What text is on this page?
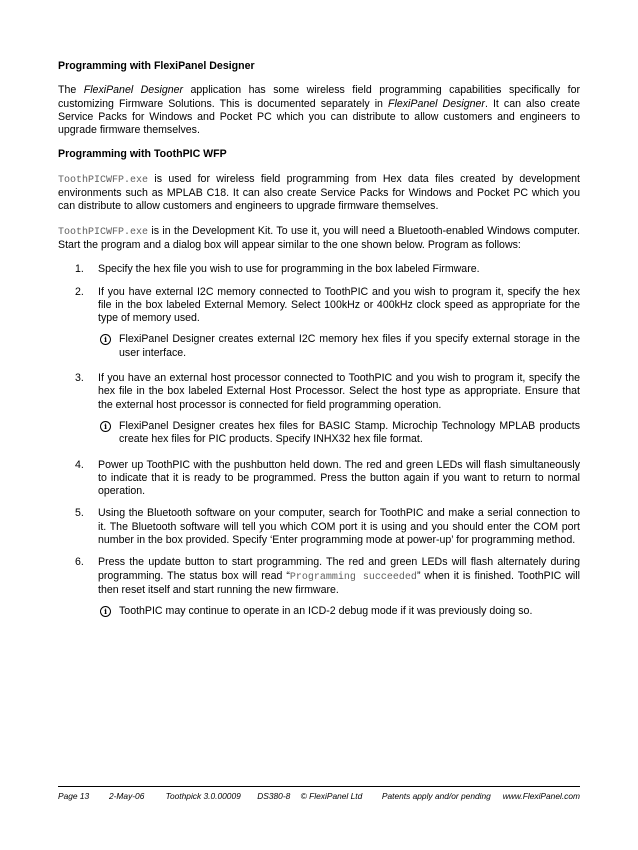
Programming with FlexiPanel Designer

The FlexiPanel Designer application has some wireless field programming capabilities specifically for customizing Firmware Solutions. This is documented separately in FlexiPanel Designer. It can also create Service Packs for Windows and Pocket PC which you can distribute to allow customers and engineers to upgrade firmware themselves.

Programming with ToothPIC WFP

ToothPICWFP.exe is used for wireless field programming from Hex data files created by development environments such as MPLAB C18. It can also create Service Packs for Windows and Pocket PC which you can distribute to allow customers and engineers to upgrade firmware themselves.

ToothPICWFP.exe is in the Development Kit. To use it, you will need a Bluetooth-enabled Windows computer. Start the program and a dialog box will appear similar to the one shown below. Program as follows:

1. Specify the hex file you wish to use for programming in the box labeled Firmware.
2. If you have external I2C memory connected to ToothPIC and you wish to program it, specify the hex file in the box labeled External Memory. Select 100kHz or 400kHz clock speed as appropriate for the type of memory used.
i	FlexiPanel Designer creates external I2C memory hex files if you specify external storage in the user interface.
3. If you have an external host processor connected to ToothPIC and you wish to program it, specify the hex file in the box labeled External Host Processor. Select the host type as appropriate. Ensure that the external host processor is connected for field programming operation.
i	FlexiPanel Designer creates hex files for BASIC Stamp. Microchip Technology MPLAB products create hex files for PIC products. Specify INHX32 hex file format.
4. Power up ToothPIC with the pushbutton held down. The red and green LEDs will flash simultaneously to indicate that it is ready to be programmed. Press the button again if you want to return to normal operation.
5. Using the Bluetooth software on your computer, search for ToothPIC and make a serial connection to it. The Bluetooth software will tell you which COM port it is using and you should enter the COM port number in the box provided. Specify ‘Enter programming mode at power-up’ for programming method.
6. Press the update button to start programming. The red and green LEDs will flash alternately during programming. The status box will read “Programming succeeded” when it is finished. ToothPIC will then reset itself and start running the new firmware.
i	ToothPIC may continue to operate in an ICD-2 debug mode if it was previously doing so.
Page 13	2-May-06	Toothpick 3.0.00009	DS380-8	© FlexiPanel Ltd	Patents apply and/or pending	www.FlexiPanel.com
